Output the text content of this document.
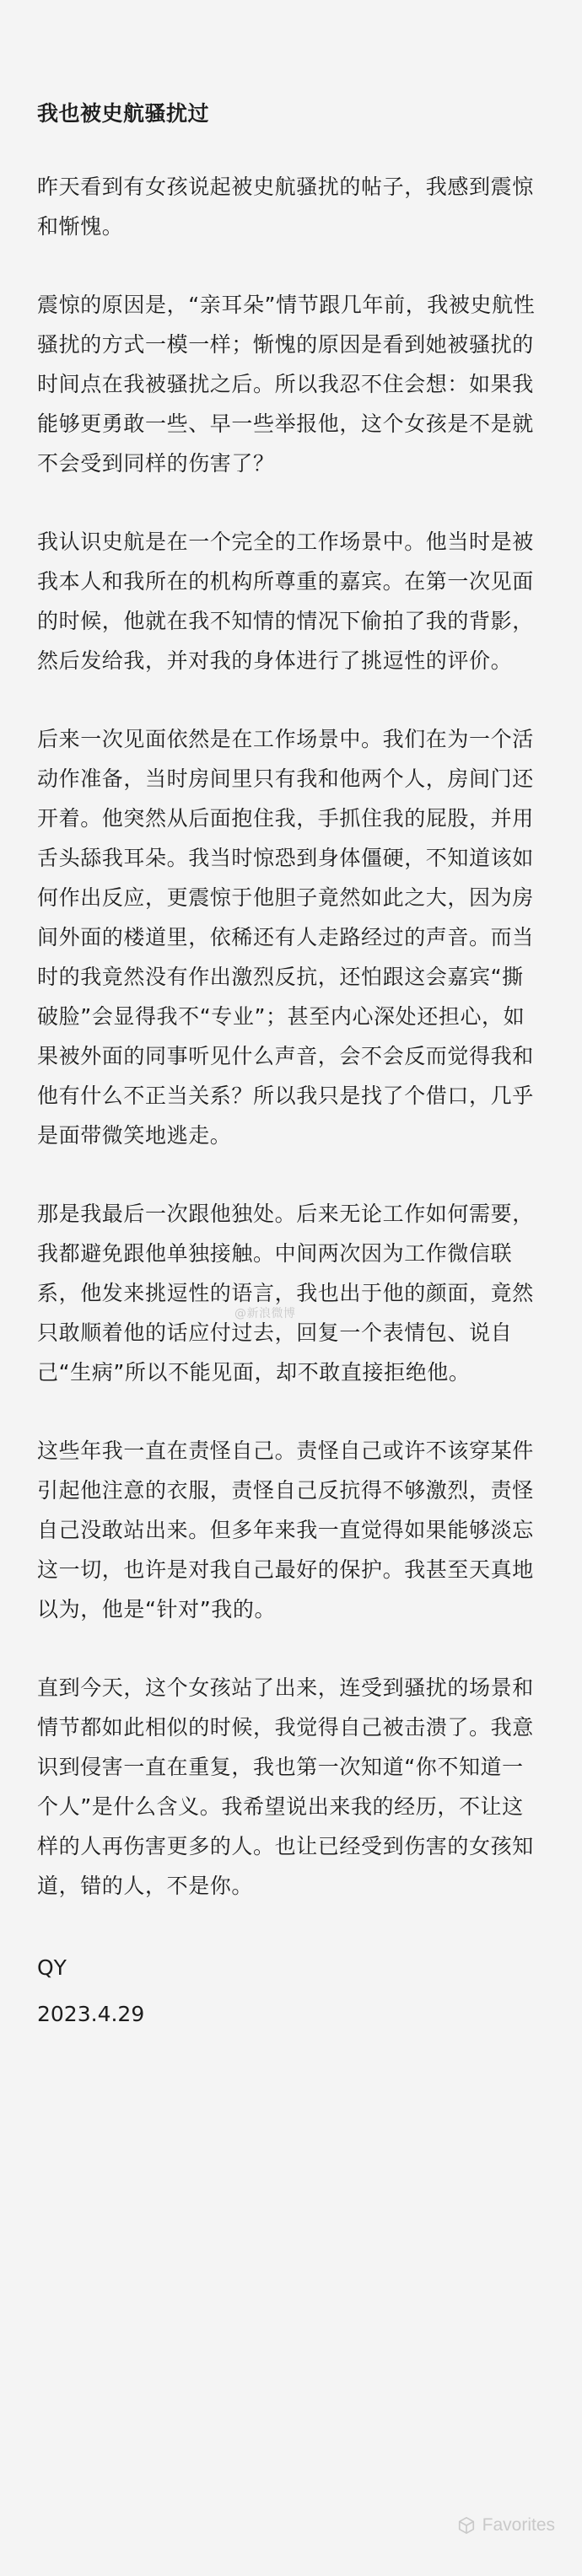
我也被史航骚扰过

昨天看到有女孩说起被史航骚扰的帖子，我感到震惊和惭愧。

震惊的原因是，“亲耳朵”情节跟几年前，我被史航性骚扰的方式一模一样；惭愧的原因是看到她被骚扰的时间点在我被骚扰之后。所以我忍不住会想：如果我能够更勇敢一些、早一些举报他，这个女孩是不是就不会受到同样的伤害了？

我认识史航是在一个完全的工作场景中。他当时是被我本人和我所在的机构所尊重的嘉宾。在第一次见面的时候，他就在我不知情的情况下偷拍了我的背影，然后发给我，并对我的身体进行了挑逗性的评价。

后来一次见面依然是在工作场景中。我们在为一个活动作准备，当时房间里只有我和他两个人，房间门还开着。他突然从后面抱住我，手抓住我的屁股，并用舌头舔我耳朵。我当时惊恐到身体僵硬，不知道该如何作出反应，更震惊于他胆子竟然如此之大，因为房间外面的楼道里，依稀还有人走路经过的声音。而当时的我竟然没有作出激烈反抗，还怕跟这会嘉宾“撕破脸”会显得我不“专业”；甚至内心深处还担心，如果被外面的同事听见什么声音，会不会反而觉得我和他有什么不正当关系？所以我只是找了个借口，几乎是面带微笑地逃走。

那是我最后一次跟他独处。后来无论工作如何需要，我都避免跟他单独接触。中间两次因为工作微信联系，他发来挑逗性的语言，我也出于他的颜面，竟然只敢顺着他的话应付过去，回复一个表情包、说自己“生病”所以不能见面，却不敢直接拒绝他。

这些年我一直在责怪自己。责怪自己或许不该穿某件引起他注意的衣服，责怪自己反抗得不够激烈，责怪自己没敢站出来。但多年来我一直觉得如果能够淡忘这一切，也许是对我自己最好的保护。我甚至天真地以为，他是“针对”我的。

直到今天，这个女孩站了出来，连受到骚扰的场景和情节都如此相似的时候，我觉得自己被击溃了。我意识到侵害一直在重复，我也第一次知道“你不知道一个人”是什么含义。我希望说出来我的经历，不让这样的人再伤害更多的人。也让已经受到伤害的女孩知道，错的人，不是你。

QY

2023.4.29

@新浪微博
Favorites
